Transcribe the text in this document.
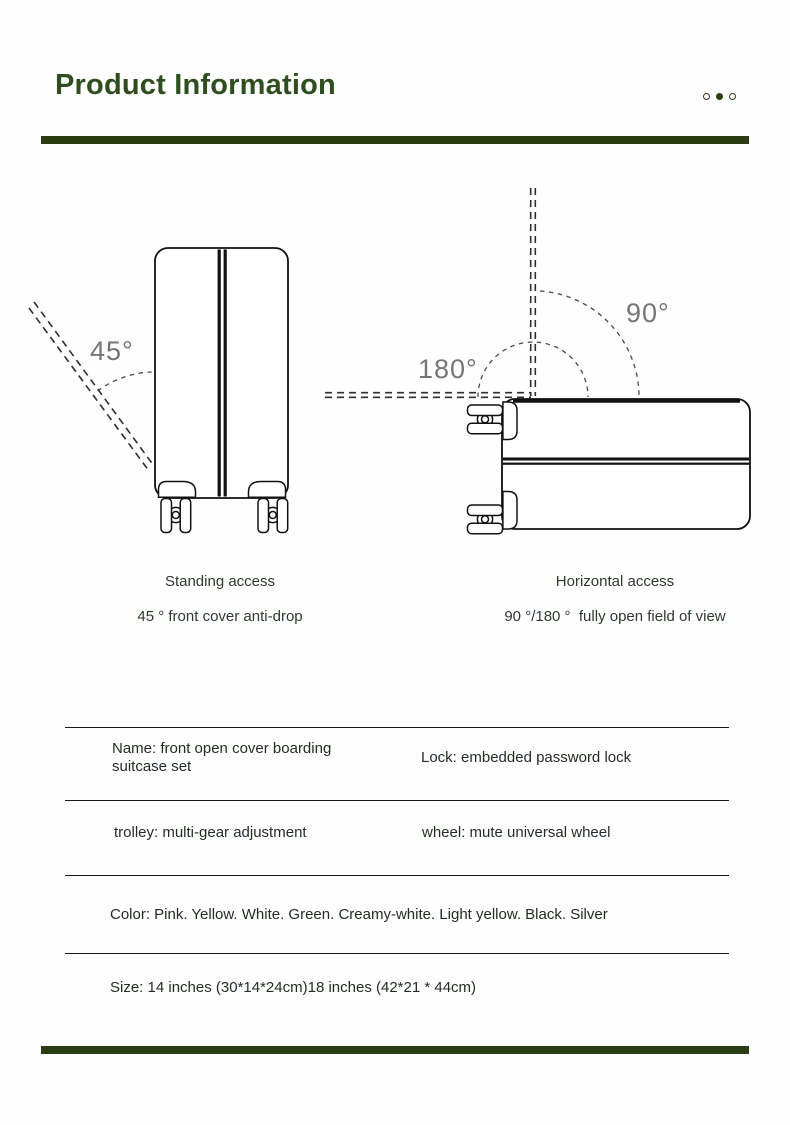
Product Information
45°
180°
90°
Standing access
45 ° front cover anti-drop
Horizontal access
90 °/180 °  fully open field of view
Name: front open cover boarding suitcase set
Lock: embedded password lock
trolley: multi-gear adjustment	wheel: mute universal wheel
Color: Pink. Yellow. White. Green. Creamy-white. Light yellow. Black. Silver
Size: 14 inches (30*14*24cm)18 inches (42*21 * 44cm)
